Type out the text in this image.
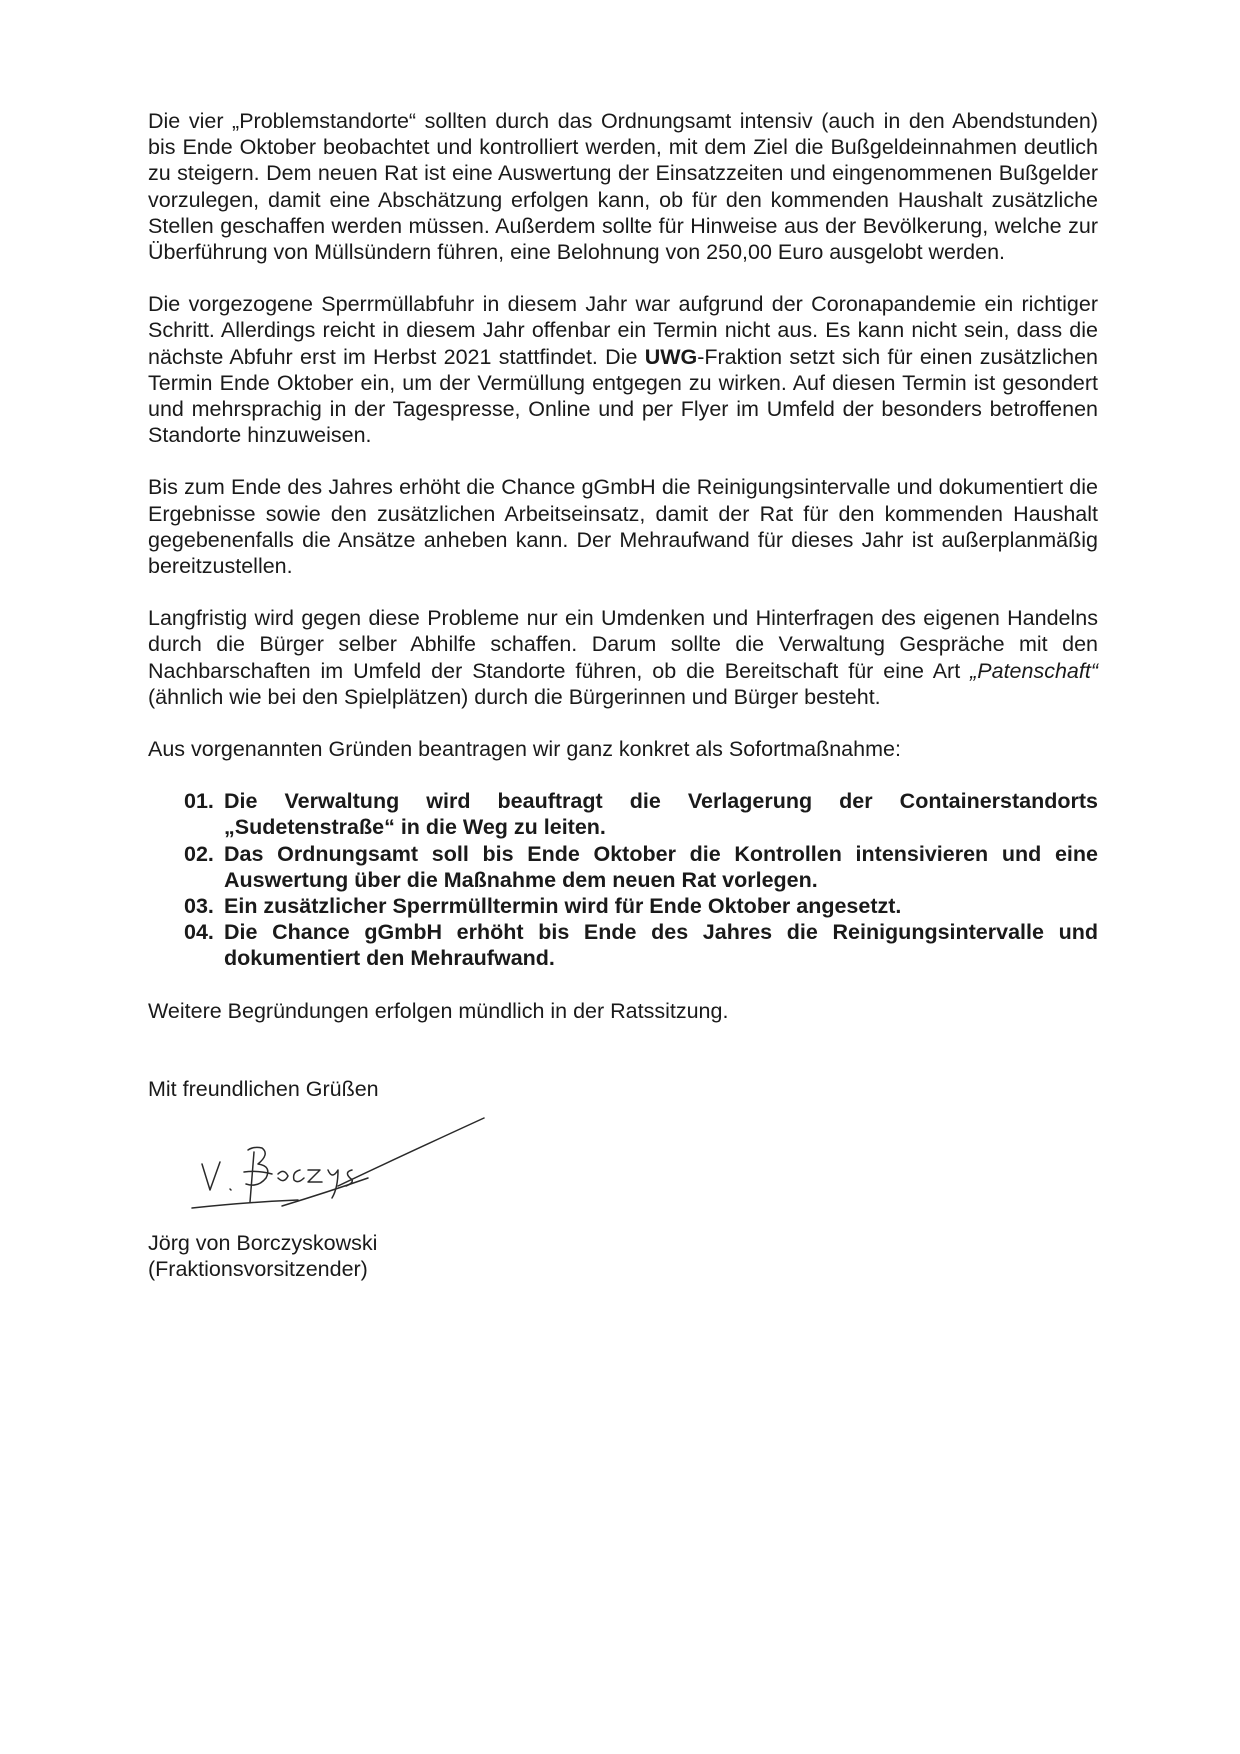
Die vier „Problemstandorte“ sollten durch das Ordnungsamt intensiv (auch in den Abendstunden) bis Ende Oktober beobachtet und kontrolliert werden, mit dem Ziel die Bußgeldeinnahmen deutlich zu steigern. Dem neuen Rat ist eine Auswertung der Einsatzzeiten und eingenommenen Bußgelder vorzulegen, damit eine Abschätzung erfolgen kann, ob für den kommenden Haushalt zusätzliche Stellen geschaffen werden müssen. Außerdem sollte für Hinweise aus der Bevölkerung, welche zur Überführung von Müllsündern führen, eine Belohnung von 250,00 Euro ausgelobt werden.

Die vorgezogene Sperrmüllabfuhr in diesem Jahr war aufgrund der Coronapandemie ein richtiger Schritt. Allerdings reicht in diesem Jahr offenbar ein Termin nicht aus. Es kann nicht sein, dass die nächste Abfuhr erst im Herbst 2021 stattfindet. Die UWG-Fraktion setzt sich für einen zusätzlichen Termin Ende Oktober ein, um der Vermüllung entgegen zu wirken. Auf diesen Termin ist gesondert und mehrsprachig in der Tagespresse, Online und per Flyer im Umfeld der besonders betroffenen Standorte hinzuweisen.

Bis zum Ende des Jahres erhöht die Chance gGmbH die Reinigungsintervalle und dokumentiert die Ergebnisse sowie den zusätzlichen Arbeitseinsatz, damit der Rat für den kommenden Haushalt gegebenenfalls die Ansätze anheben kann. Der Mehraufwand für dieses Jahr ist außerplanmäßig bereitzustellen.

Langfristig wird gegen diese Probleme nur ein Umdenken und Hinterfragen des eigenen Handelns durch die Bürger selber Abhilfe schaffen. Darum sollte die Verwaltung Gespräche mit den Nachbarschaften im Umfeld der Standorte führen, ob die Bereitschaft für eine Art „Patenschaft“ (ähnlich wie bei den Spielplätzen) durch die Bürgerinnen und Bürger besteht.

Aus vorgenannten Gründen beantragen wir ganz konkret als Sofortmaßnahme:

01. Die Verwaltung wird beauftragt die Verlagerung der Containerstandorts „Sudetenstraße“ in die Weg zu leiten.
02. Das Ordnungsamt soll bis Ende Oktober die Kontrollen intensivieren und eine Auswertung über die Maßnahme dem neuen Rat vorlegen.
03. Ein zusätzlicher Sperrmülltermin wird für Ende Oktober angesetzt.
04. Die Chance gGmbH erhöht bis Ende des Jahres die Reinigungsintervalle und dokumentiert den Mehraufwand.

Weitere Begründungen erfolgen mündlich in der Ratssitzung.

Mit freundlichen Grüßen

Jörg von Borczyskowski

(Fraktionsvorsitzender)
